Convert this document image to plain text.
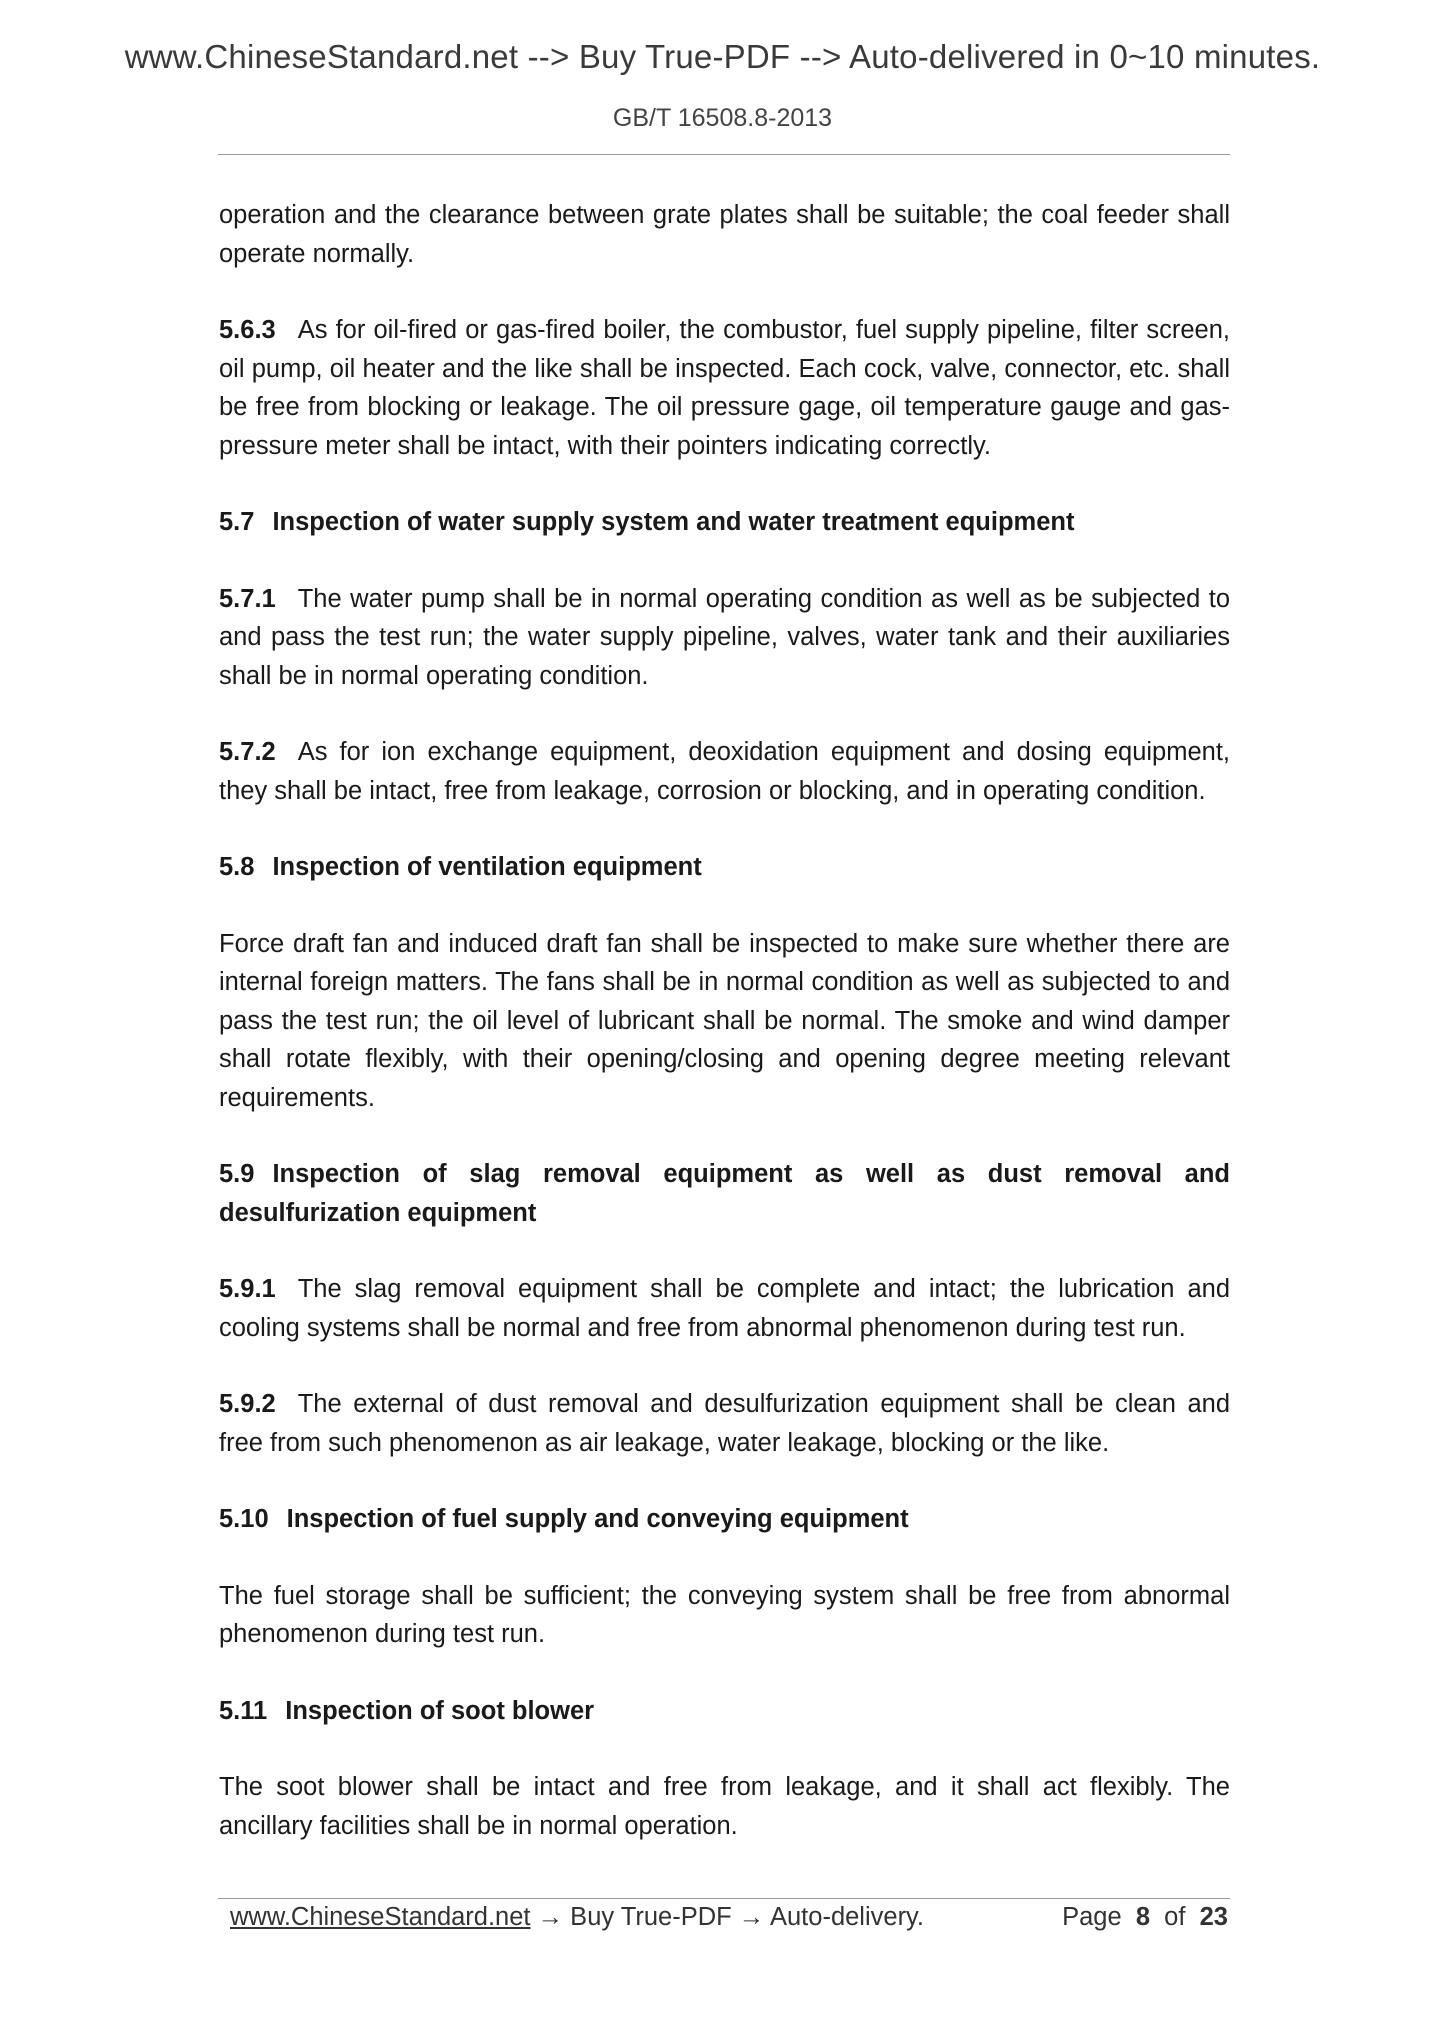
www.ChineseStandard.net --> Buy True-PDF --> Auto-delivered in 0~10 minutes.
GB/T 16508.8-2013

operation and the clearance between grate plates shall be suitable; the coal feeder shall operate normally.

5.6.3 As for oil-fired or gas-fired boiler, the combustor, fuel supply pipeline, filter screen, oil pump, oil heater and the like shall be inspected. Each cock, valve, connector, etc. shall be free from blocking or leakage. The oil pressure gage, oil temperature gauge and gas-pressure meter shall be intact, with their pointers indicating correctly.

5.7 Inspection of water supply system and water treatment equipment

5.7.1 The water pump shall be in normal operating condition as well as be subjected to and pass the test run; the water supply pipeline, valves, water tank and their auxiliaries shall be in normal operating condition.

5.7.2 As for ion exchange equipment, deoxidation equipment and dosing equipment, they shall be intact, free from leakage, corrosion or blocking, and in operating condition.

5.8 Inspection of ventilation equipment

Force draft fan and induced draft fan shall be inspected to make sure whether there are internal foreign matters. The fans shall be in normal condition as well as subjected to and pass the test run; the oil level of lubricant shall be normal. The smoke and wind damper shall rotate flexibly, with their opening/closing and opening degree meeting relevant requirements.

5.9 Inspection of slag removal equipment as well as dust removal and desulfurization equipment

5.9.1 The slag removal equipment shall be complete and intact; the lubrication and cooling systems shall be normal and free from abnormal phenomenon during test run.

5.9.2 The external of dust removal and desulfurization equipment shall be clean and free from such phenomenon as air leakage, water leakage, blocking or the like.

5.10 Inspection of fuel supply and conveying equipment

The fuel storage shall be sufficient; the conveying system shall be free from abnormal phenomenon during test run.

5.11 Inspection of soot blower

The soot blower shall be intact and free from leakage, and it shall act flexibly. The ancillary facilities shall be in normal operation.

www.ChineseStandard.net → Buy True-PDF → Auto-delivery.	Page 8 of 23
